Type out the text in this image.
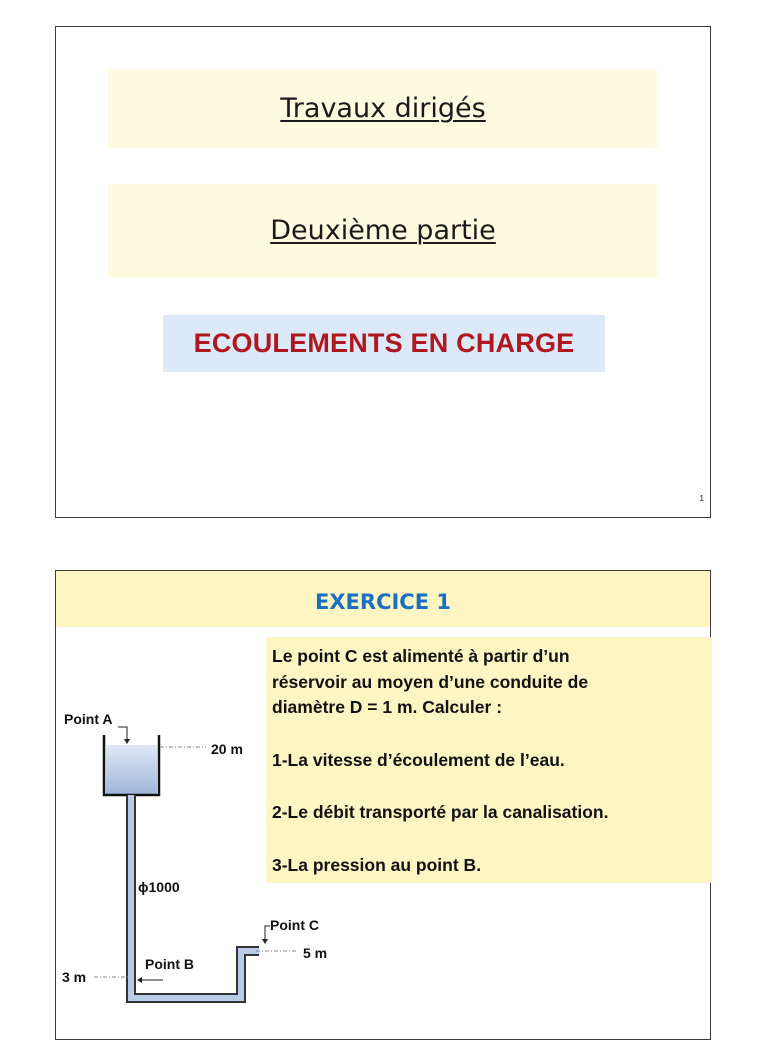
Travaux dirigés
Deuxième partie
ECOULEMENTS EN CHARGE
1
EXERCICE 1

Le point C est alimenté à partir d’un

réservoir au moyen d’une conduite de

diamètre D = 1 m. Calculer :

1-La vitesse d’écoulement de l’eau.

2-Le débit transporté par la canalisation.

3-La pression au point B.

Point A
20 m
ϕ1000
Point C
5 m
Point B
3 m
